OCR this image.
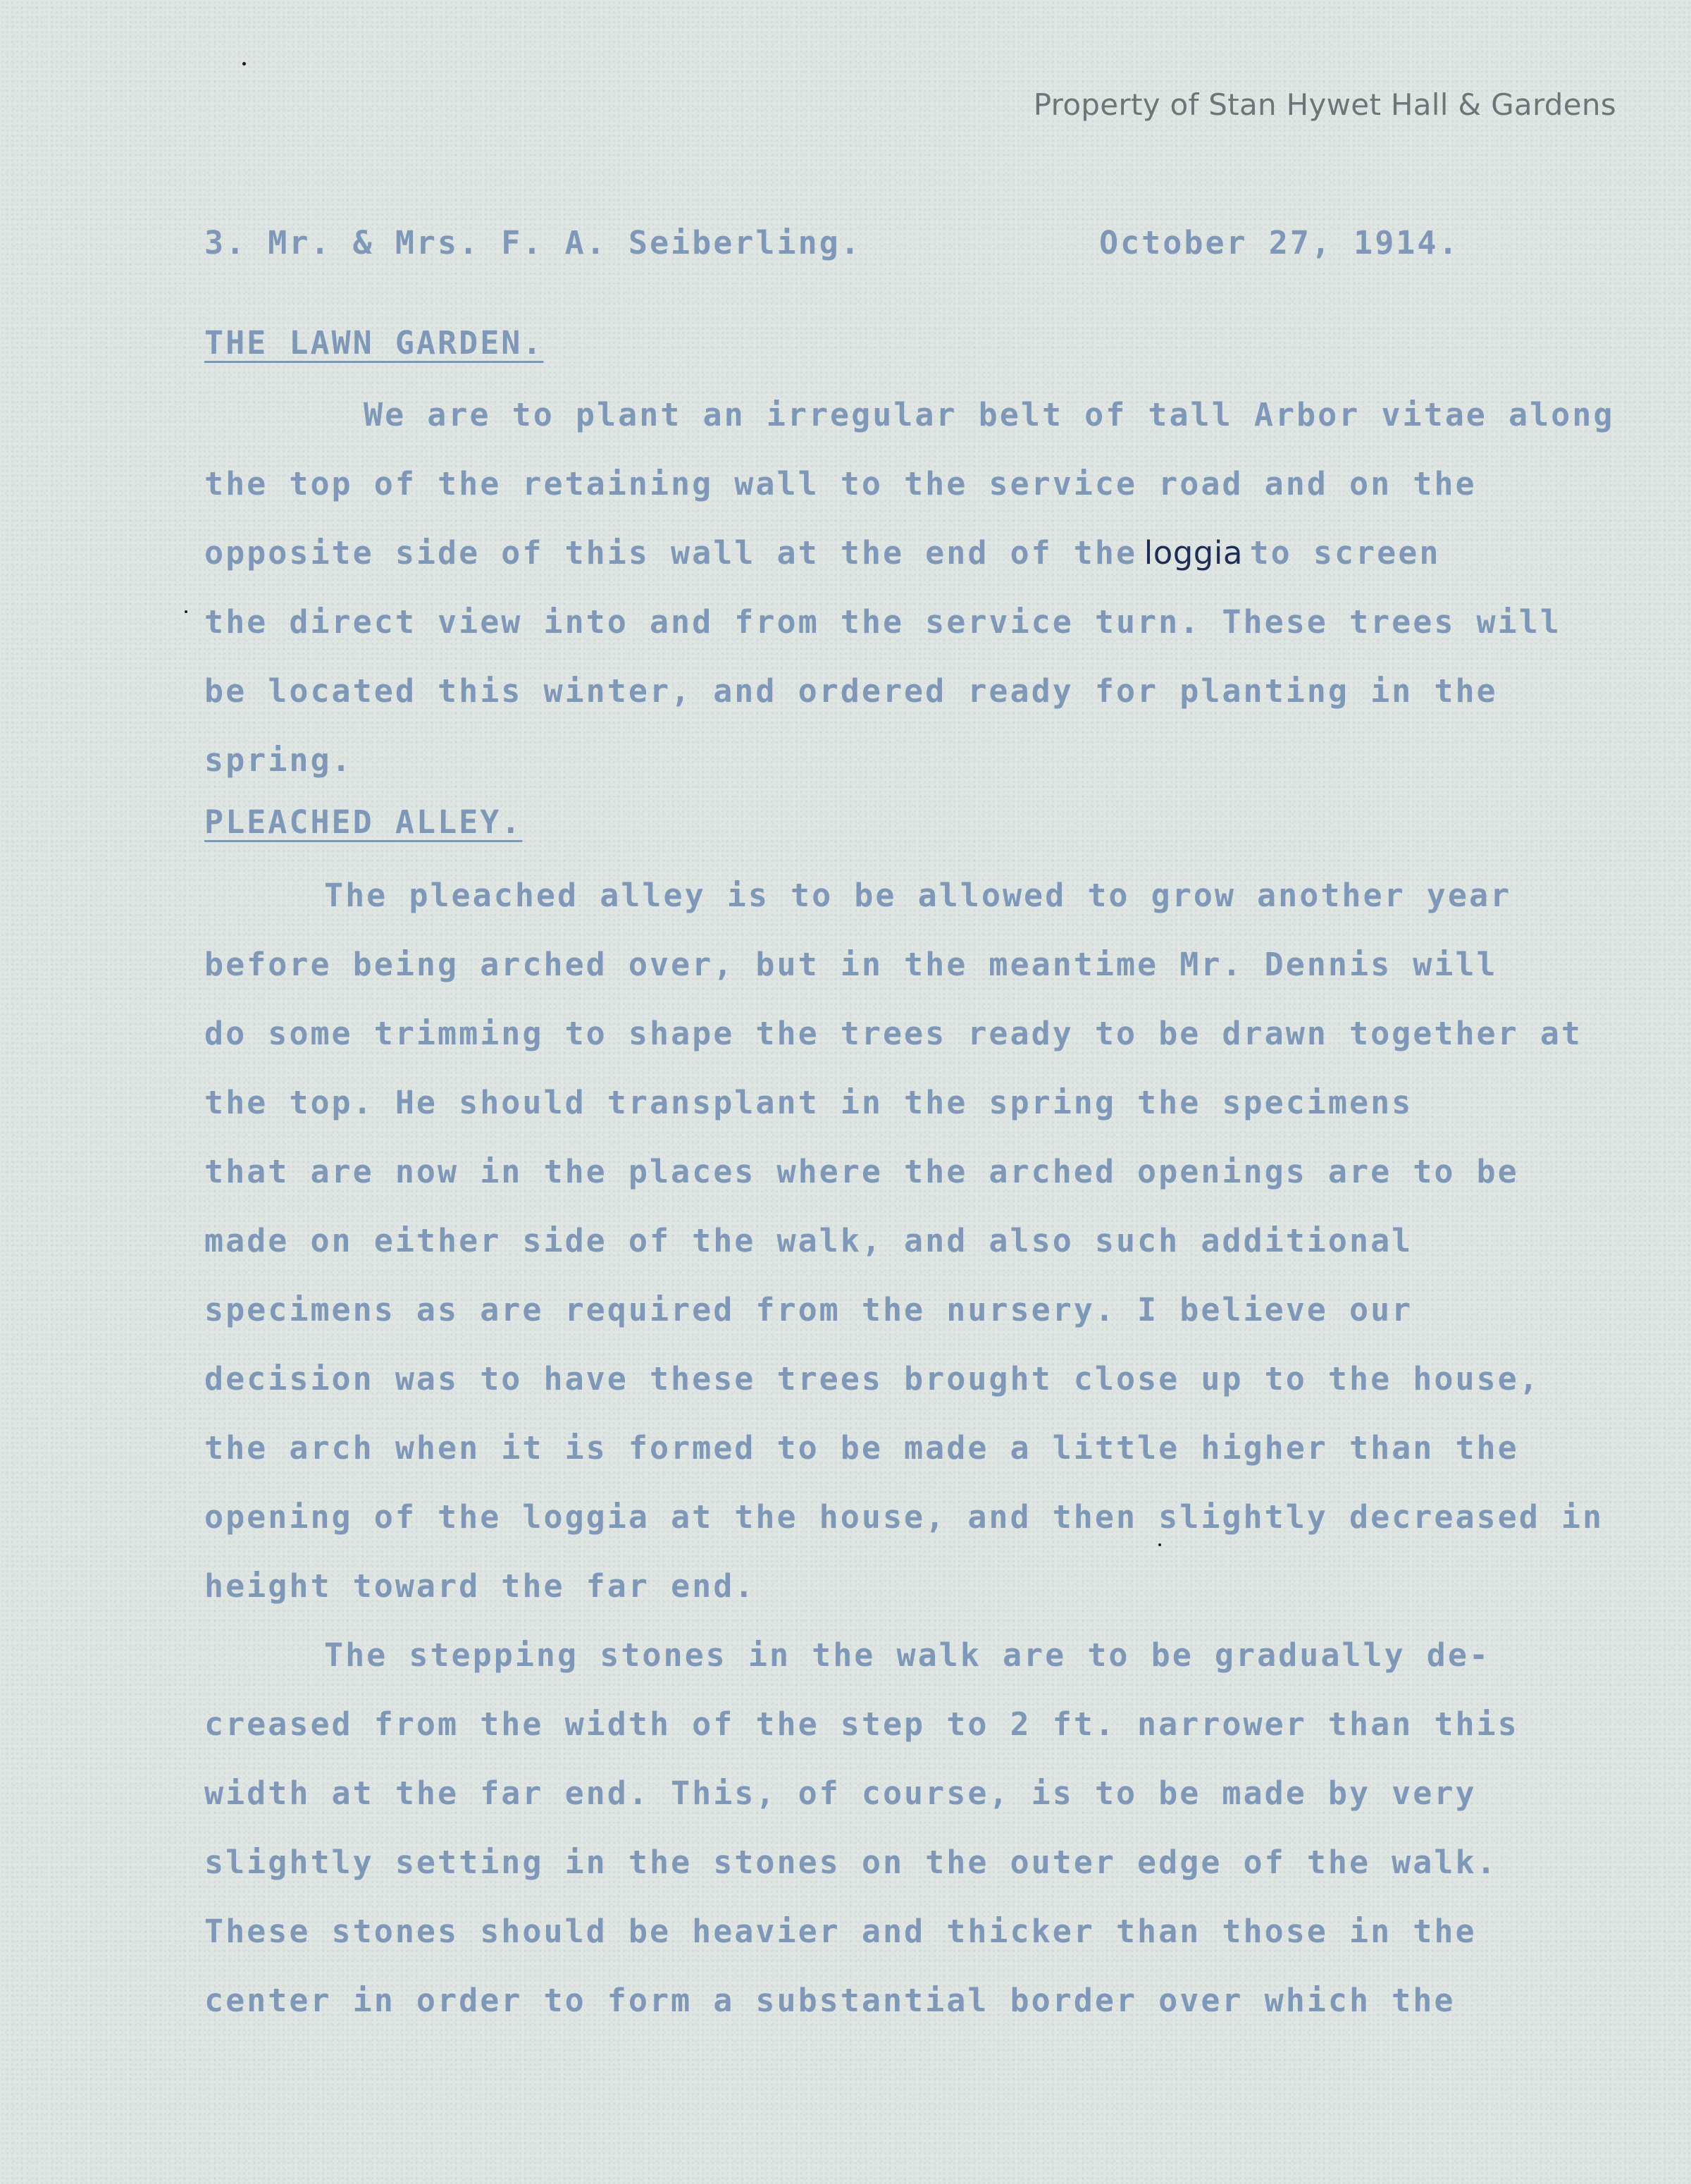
Property of Stan Hywet Hall & Gardens
3. Mr. & Mrs. F. A. Seiberling.	October 27, 1914.
THE LAWN GARDEN.
We are to plant an irregular belt of tall Arbor vitae along
the top of the retaining wall to the service road and on the
opposite side of this wall at the end of the loggia to screen
the direct view into and from the service turn. These trees will
be located this winter, and ordered ready for planting in the
spring.
PLEACHED ALLEY.
The pleached alley is to be allowed to grow another year
before being arched over, but in the meantime Mr. Dennis will
do some trimming to shape the trees ready to be drawn together at
the top. He should transplant in the spring the specimens
that are now in the places where the arched openings are to be
made on either side of the walk, and also such additional
specimens as are required from the nursery. I believe our
decision was to have these trees brought close up to the house,
the arch when it is formed to be made a little higher than the
opening of the loggia at the house, and then slightly decreased in
height toward the far end.
The stepping stones in the walk are to be gradually de-
creased from the width of the step to 2 ft. narrower than this
width at the far end. This, of course, is to be made by very
slightly setting in the stones on the outer edge of the walk.
These stones should be heavier and thicker than those in the
center in order to form a substantial border over which the
